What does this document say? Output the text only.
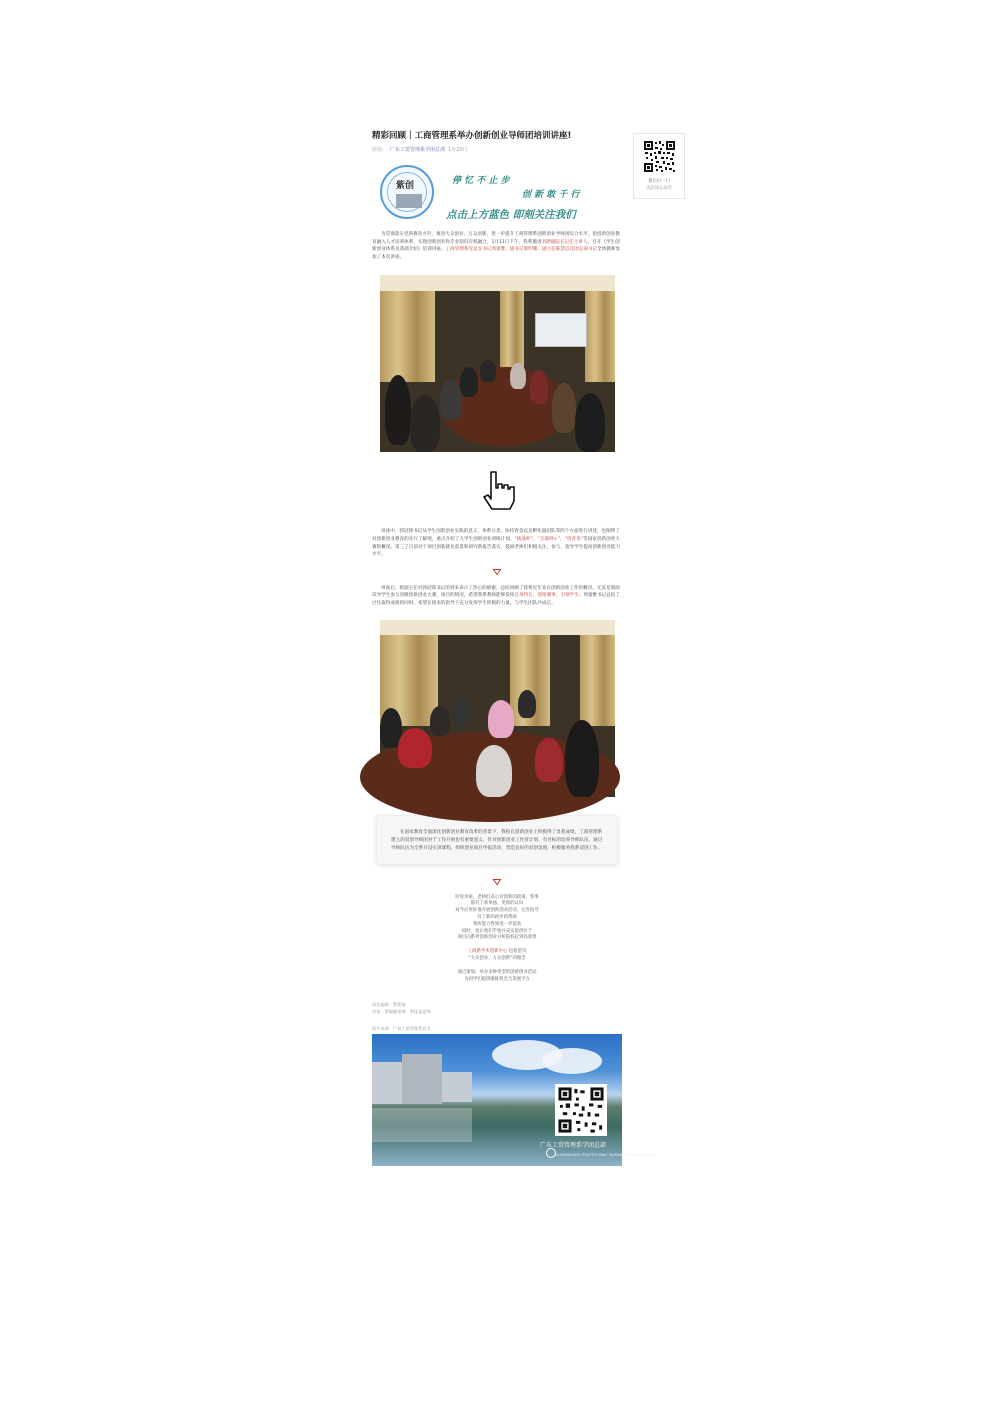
微信扫一扫
关注该公众号
精彩回顾｜工商管理系举办创新创业导师团培训讲座!
原创： 广东工贸管理系学团总部 1月20日
紫创	停 忆 不 止 步
创 新 敢 千 行
点击上方蓝色 即刻关注我们

为贯彻落实党的教育方针，推进大众创业、万众创新，进一步提升工商管理系创新创业导师团综合水平，把创新创业教育融入人才培养体系，实现创新创业和专业知识有机融合，1月11日下午，我系邀请者聘副院长记任主讲人，召开《学生创新创业体系及基础介绍》培训讲座。工商管理系党总支书记周蕾雅、副书记蔡明珊、副主任陈慧以及团总部书记全体教师参加了本次讲座。

讲座中，郭冠锋书记从学生创新创业实践的意义、体系分类、扶持资金以及孵化器团队等四个方面进行讲述，也阐明了对创新创业教育的先行了解现，重点介绍了大学生创新创业训练计划、“挑战杯”、“互联网+”、“创青春”等国家创新创业大赛的概况。第三了目前对于项目创新就业前景和研究新报告落实，鼓励老师们积极关注、参与、指导学生提高创新创业能力水平。

讲座后，蔡副主任对郭冠锋书记的到来表示了热心的感谢，总结回顾了我系近年来在创新创业工作的概况，尤其是新阅读导学生参与省级创新创业大赛，项目的情况，希望我系教师能够发挥自身特长，迎接赛事，引领学生。周蕾雅书记总结了过往取得成绩的同时，希望在接来的指导下充分发挥学生积极的力量，与学生团队共成长。

在国家教育全面深化创新创业教育改革的背景下，我校在创新创业上积极得了显著成绩，工商管理系建立的双创导师团对于工作开展也有重要意义，针对创新创业工作常计划、有目标的培养导师队伍，通过导师队伍为全系开设实训课程，组织创业项目申报活动，营造良好的双创氛围，积极服务我系双创工作。

听说讲座，老师们表示对创新的政策、誓事

都有了新单独、更新的认识

对今后更好地开展创新创业活动，完善指导

有了新的初步的帮助

我所能力得到进一步提高

同时，也让他们手指并充实提供位于

项目向系列创新创业分析院校起到高效果

工商系学术创新中心 也希望享

“大众创业，万众创新”的理念

通过策划、举办多种类型的创新创业活动

为同学们提供锻炼机会与发展平台

责任编辑｜罗菊菊
审核｜罗福健老师、李佳益老师
图片来源：广东工贸管理系官方
广东工贸管理系学团总部
GUANGDONG POLYTECHNIC BUSINESS MANAGEMENT
